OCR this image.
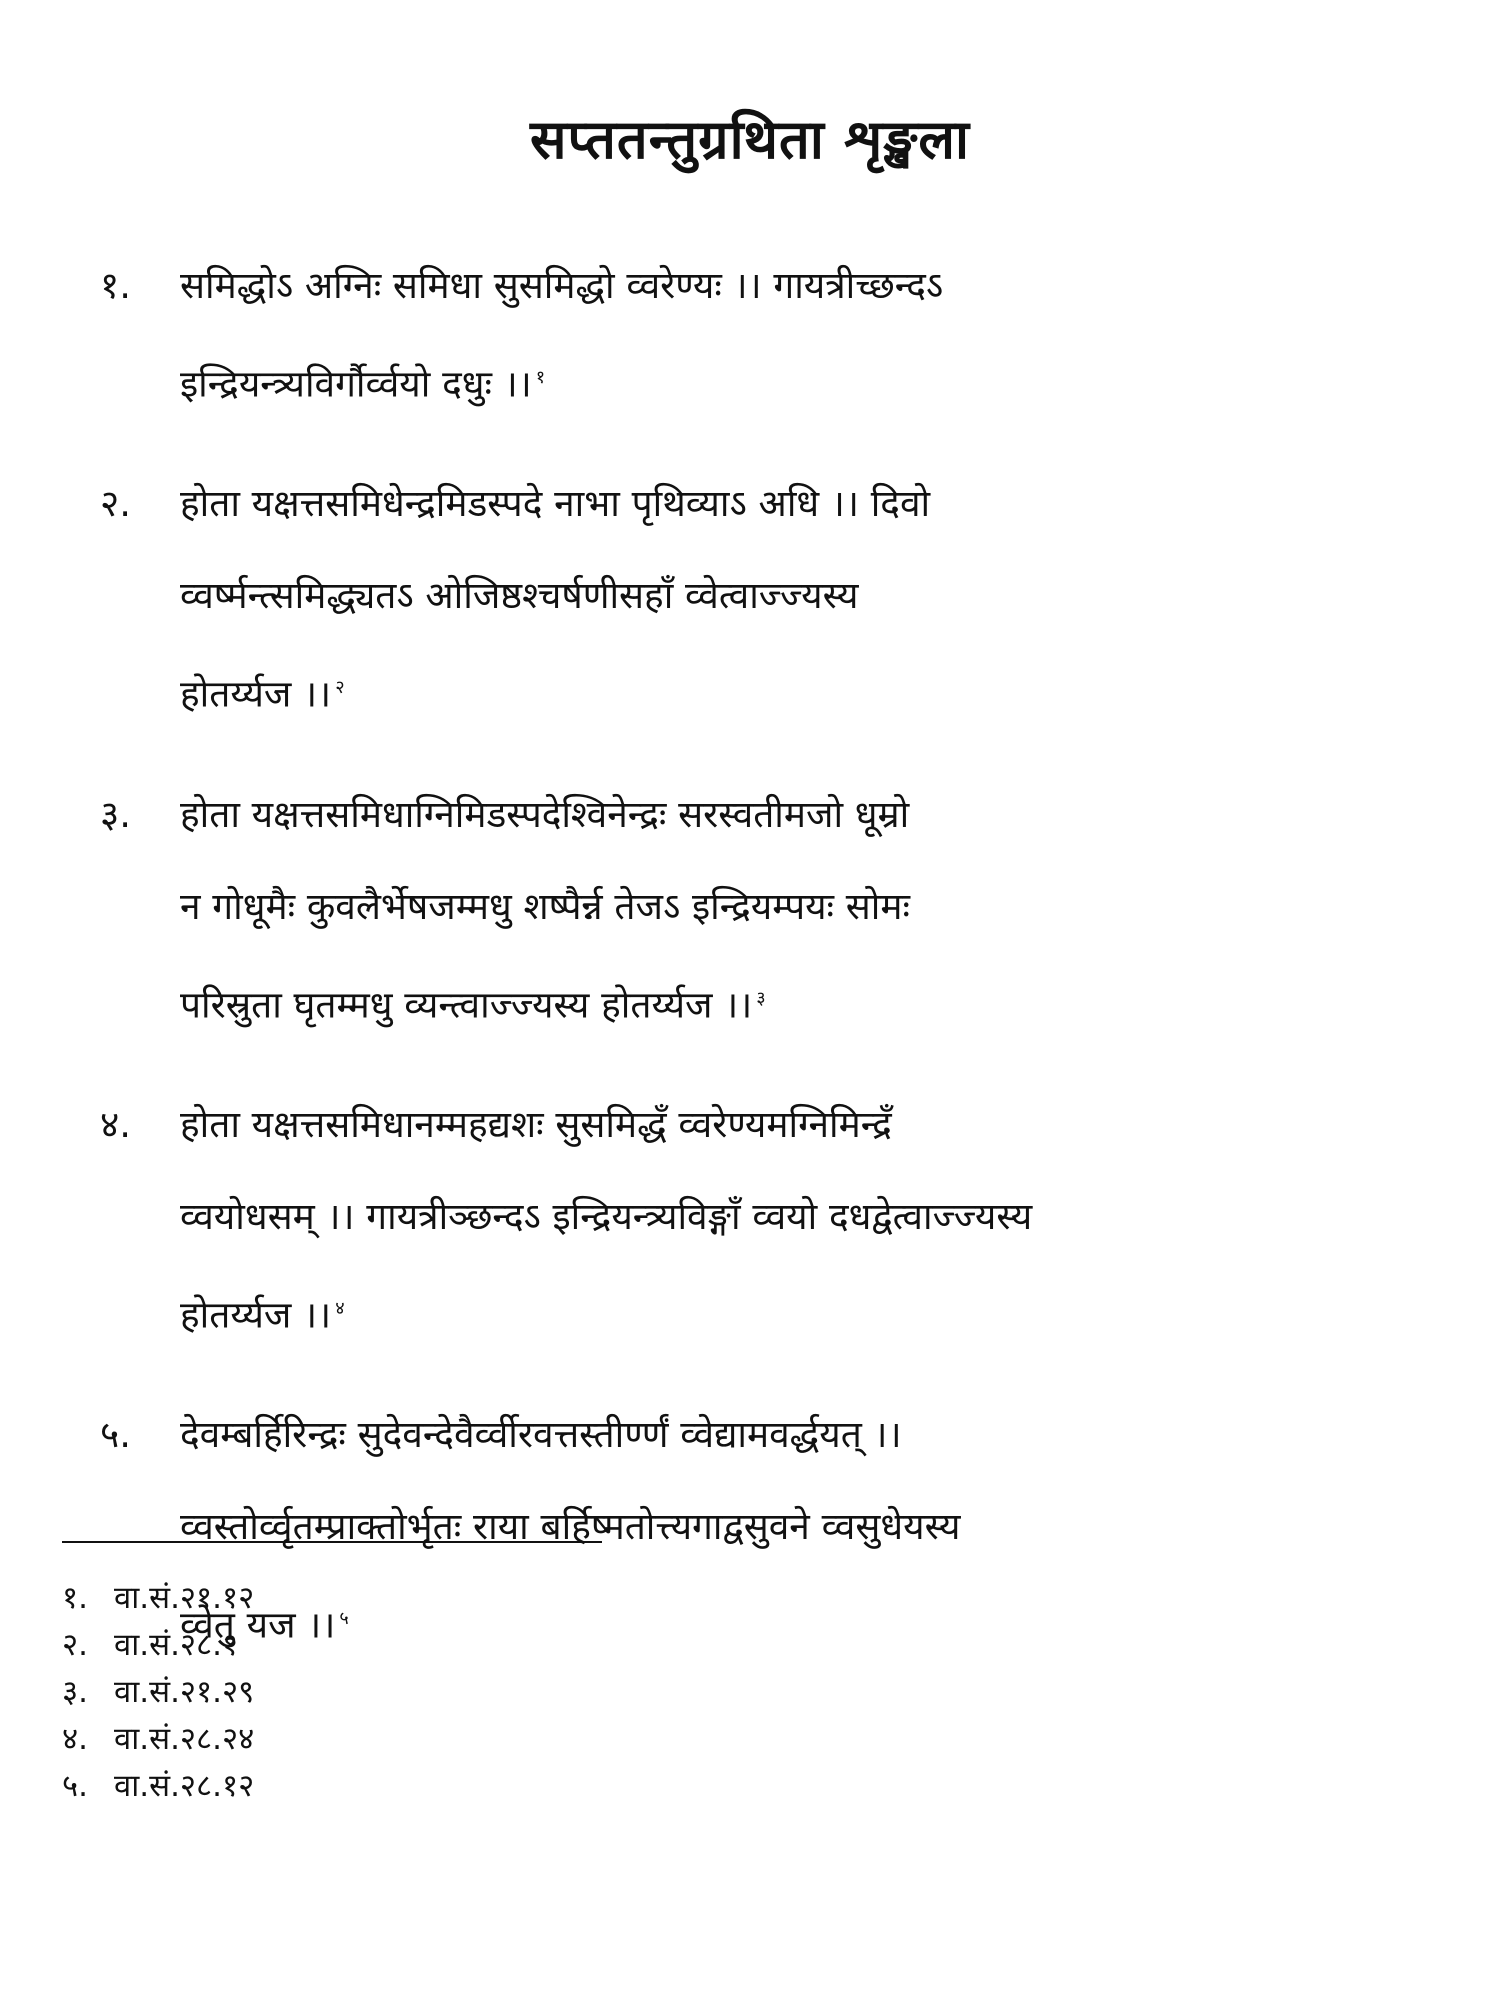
सप्ततन्तुग्रथिता शृङ्खला
१.	समिद्धोऽ अग्निः समिधा सुसमिद्धो व्वरेण्यः ।। गायत्रीच्छन्दऽ
इन्द्रियन्त्र्यविर्गौर्व्वयो दधुः ।। $^१$
२.	होता यक्षत्तसमिधेन्द्रमिडस्पदे नाभा पृथिव्याऽ अधि ।। दिवो
व्वर्ष्मन्त्समिद्ध्यतऽ ओजिष्ठश्चर्षणीसहाँ व्वेत्वाज्ज्यस्य
होतर्य्यज ।। $^२$
३.	होता यक्षत्तसमिधाग्निमिडस्पदेश्विनेन्द्रः सरस्वतीमजो धूम्रो
न गोधूमैः कुवलैर्भेषजम्मधु शष्पैर्न्न तेजऽ इन्द्रियम्पयः सोमः
परिस्रुता घृतम्मधु व्यन्त्वाज्ज्यस्य होतर्य्यज ।। $^३$
४.	होता यक्षत्तसमिधानम्महद्यशः सुसमिद्धँ व्वरेण्यमग्निमिन्द्रँ
व्वयोधसम् ।। गायत्रीञ्छन्दऽ इन्द्रियन्त्र्यविङ्गाँ व्वयो दधद्वेत्वाज्ज्यस्य
होतर्य्यज ।। $^४$
५.	देवम्बर्हिरिन्द्रः सुदेवन्देवैर्व्वीरवत्तस्तीर्ण्णं व्वेद्यामवर्द्धयत् ।।
व्वस्तोर्व्वृतम्प्राक्तोर्भृतः राया बर्हिष्मतोत्त्यगाद्वसुवने व्वसुधेयस्य
व्वेतु यज ।। $^५$
१. वा.सं.२१.१२
२. वा.सं.२८.१
३. वा.सं.२१.२९
४. वा.सं.२८.२४
५. वा.सं.२८.१२
